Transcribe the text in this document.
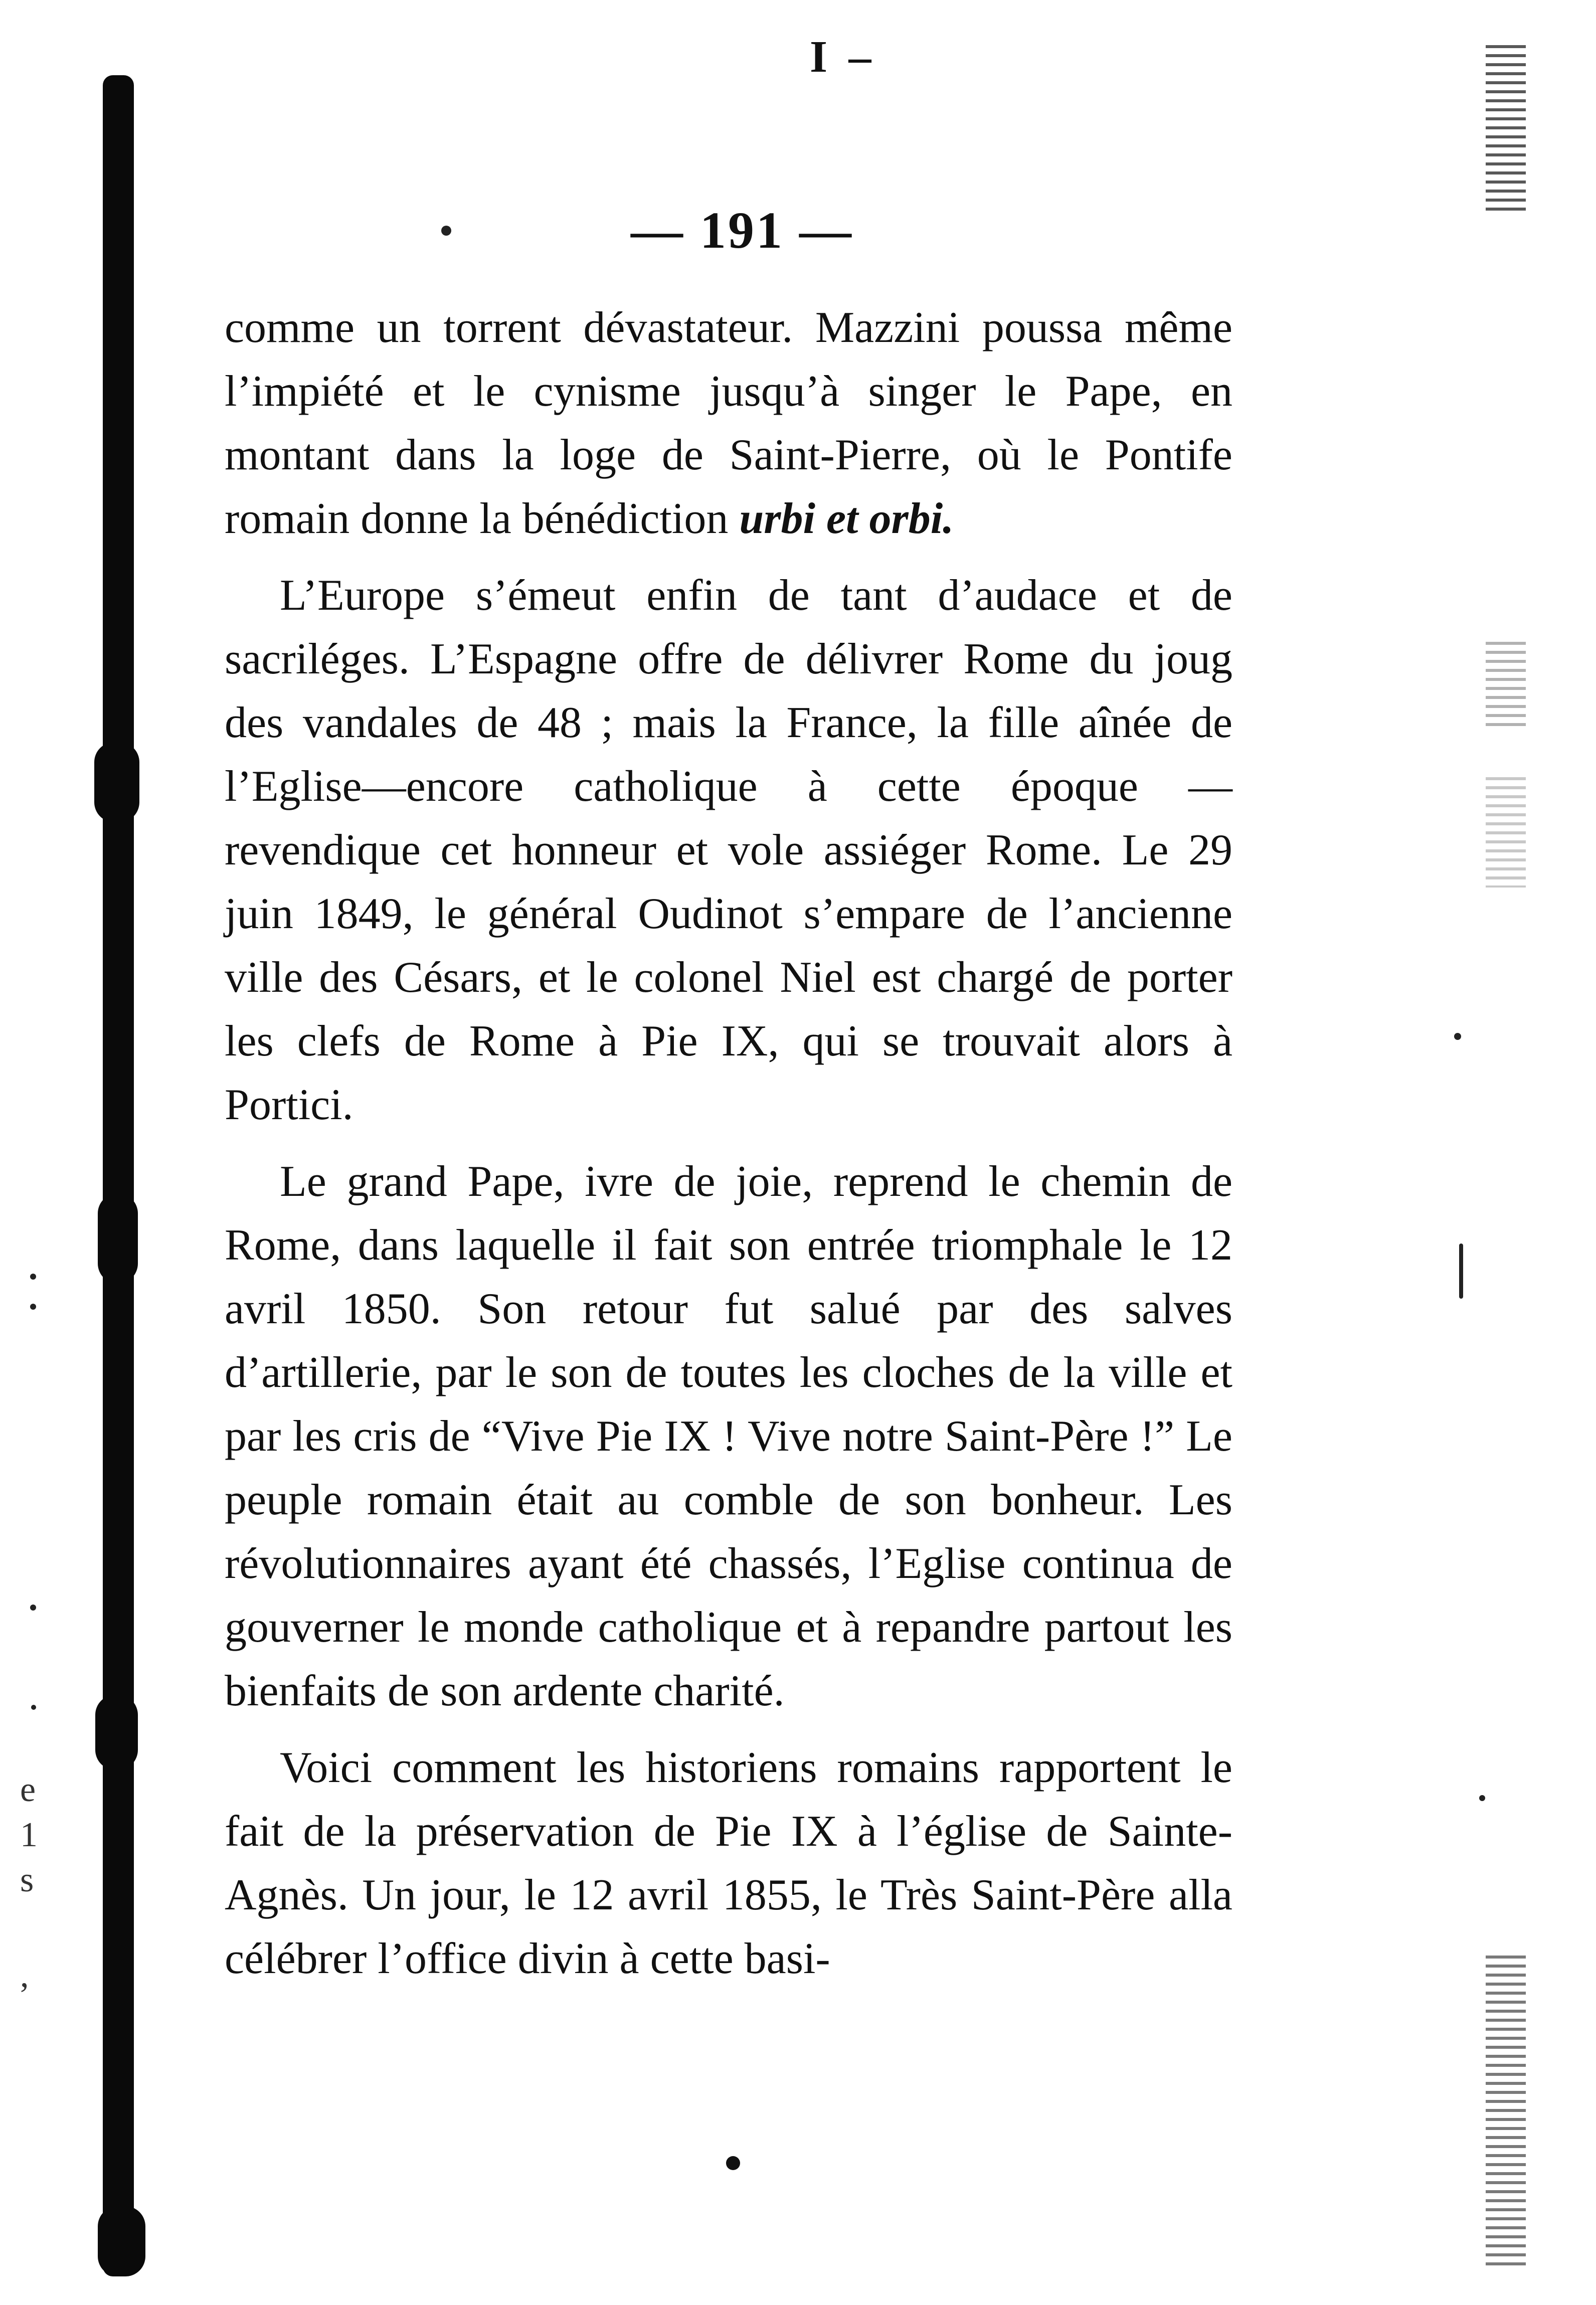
e
1
s
,
I –
— 191 —

comme un torrent dévastateur. Mazzini poussa même l’impiété et le cynisme jusqu’à singer le Pape, en montant dans la loge de Saint-Pierre, où le Pontife romain donne la bénédiction urbi et orbi.

L’Europe s’émeut enfin de tant d’audace et de sacriléges. L’Espagne offre de délivrer Rome du joug des vandales de 48 ; mais la France, la fille aînée de l’Eglise—encore catholique à cette époque —revendique cet honneur et vole assiéger Rome. Le 29 juin 1849, le général Oudinot s’empare de l’ancienne ville des Césars, et le colonel Niel est chargé de porter les clefs de Rome à Pie IX, qui se trouvait alors à Portici.

Le grand Pape, ivre de joie, reprend le chemin de Rome, dans laquelle il fait son entrée triomphale le 12 avril 1850. Son retour fut salué par des salves d’artillerie, par le son de toutes les cloches de la ville et par les cris de “Vive Pie IX ! Vive notre Saint-Père !” Le peuple romain était au comble de son bonheur. Les révolutionnaires ayant été chassés, l’Eglise continua de gouverner le monde catholique et à repandre partout les bienfaits de son ardente charité.

Voici comment les historiens romains rapportent le fait de la préservation de Pie IX à l’église de Sainte-Agnès. Un jour, le 12 avril 1855, le Très Saint-Père alla célébrer l’office divin à cette basi-
